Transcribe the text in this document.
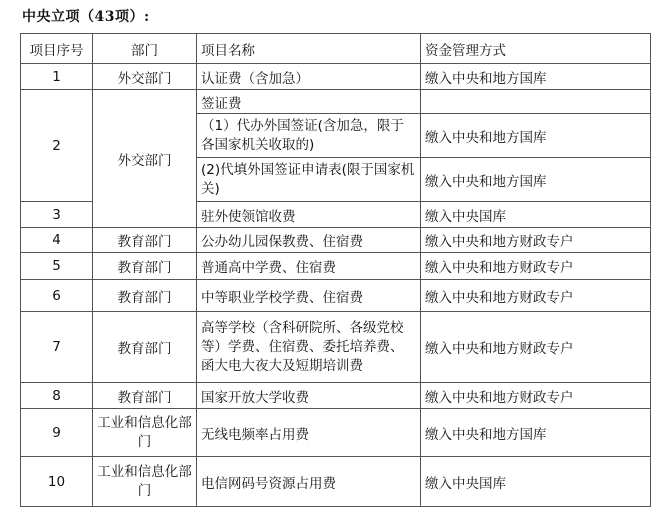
中央立项（43项）:
项目序号	部门	项目名称	资金管理方式
1	外交部门	认证费（含加急）	缴入中央和地方国库
2	外交部门	签证费	
		（1）代办外国签证(含加急，限于各国家机关收取的)	缴入中央和地方国库
		(2)代填外国签证申请表(限于国家机关)	缴入中央和地方国库
3		驻外使领馆收费	缴入中央国库
4	教育部门	公办幼儿园保教费、住宿费	缴入中央和地方财政专户
5	教育部门	普通高中学费、住宿费	缴入中央和地方财政专户
6	教育部门	中等职业学校学费、住宿费	缴入中央和地方财政专户
7	教育部门	高等学校（含科研院所、各级党校等）学费、住宿费、委托培养费、函大电大夜大及短期培训费	缴入中央和地方财政专户
8	教育部门	国家开放大学收费	缴入中央和地方财政专户
9	工业和信息化部门	无线电频率占用费	缴入中央和地方国库
10	工业和信息化部门	电信网码号资源占用费	缴入中央国库
